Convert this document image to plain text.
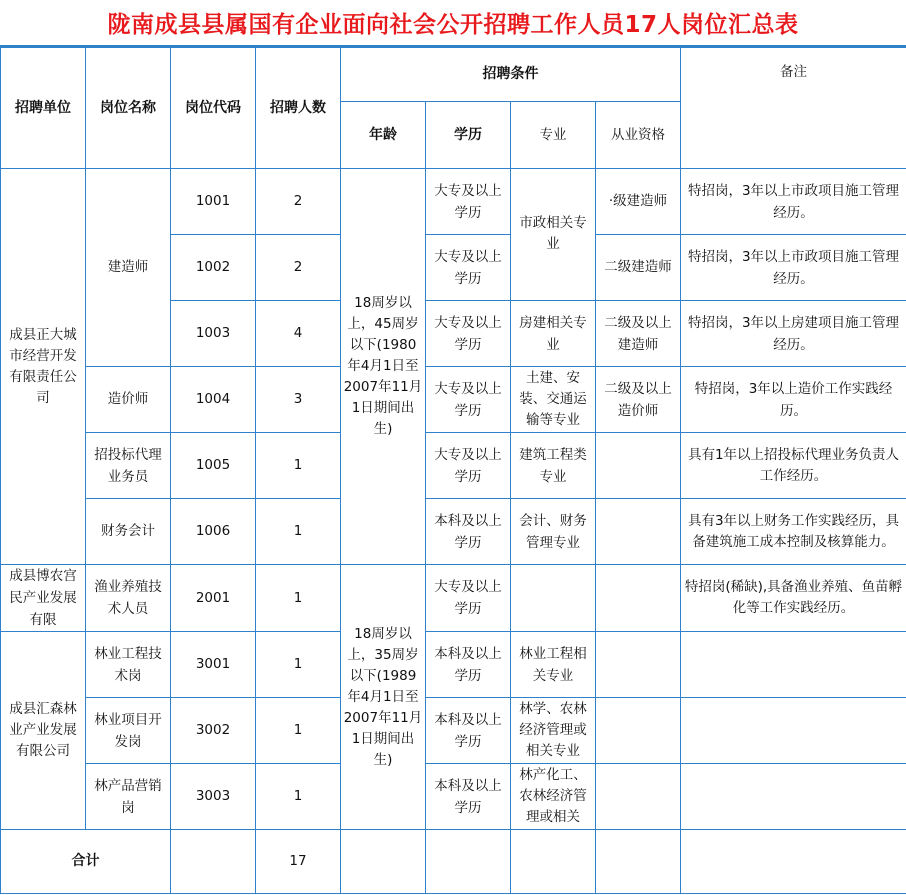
陇南成县县属国有企业面向社会公开招聘工作人员17人岗位汇总表
招聘单位	岗位名称	岗位代码	招聘人数	招聘条件				备注
				年龄	学历	专业	从业资格	
成县正大城市经营开发有限责任公司	建造师	1001	2	18周岁以上，45周岁以下(1980年4月1日至2007年11月1日期间出生)	大专及以上学历	市政相关专业	·级建造师	特招岗，3年以上市政项目施工管理经历。
		1002	2		大专及以上学历		二级建造师	特招岗，3年以上市政项目施工管理经历。
		1003	4		大专及以上学历	房建相关专业	二级及以上建造师	特招岗，3年以上房建项目施工管理经历。
	造价师	1004	3		大专及以上学历	土建、安装、交通运输等专业	二级及以上造价师	特招岗，3年以上造价工作实践经历。
	招投标代理业务员	1005	1		大专及以上学历	建筑工程类专业		具有1年以上招投标代理业务负责人工作经历。
	财务会计	1006	1		本科及以上学历	会计、财务管理专业		具有3年以上财务工作实践经历，具备建筑施工成本控制及核算能力。
成县博农宫民产业发展有限	渔业养殖技术人员	2001	1	18周岁以上，35周岁以下(1989年4月1日至2007年11月1日期间出生)	大专及以上学历			特招岗(稀缺),具备渔业养殖、鱼苗孵化等工作实践经历。
成县汇森林业产业发展有限公司	林业工程技术岗	3001	1		本科及以上学历	林业工程相关专业		
	林业项目开发岗	3002	1		本科及以上学历	林学、农林经济管理或相关专业		
	林产品营销岗	3003	1		本科及以上学历	林产化工、农林经济管理或相关		
合计			17					
